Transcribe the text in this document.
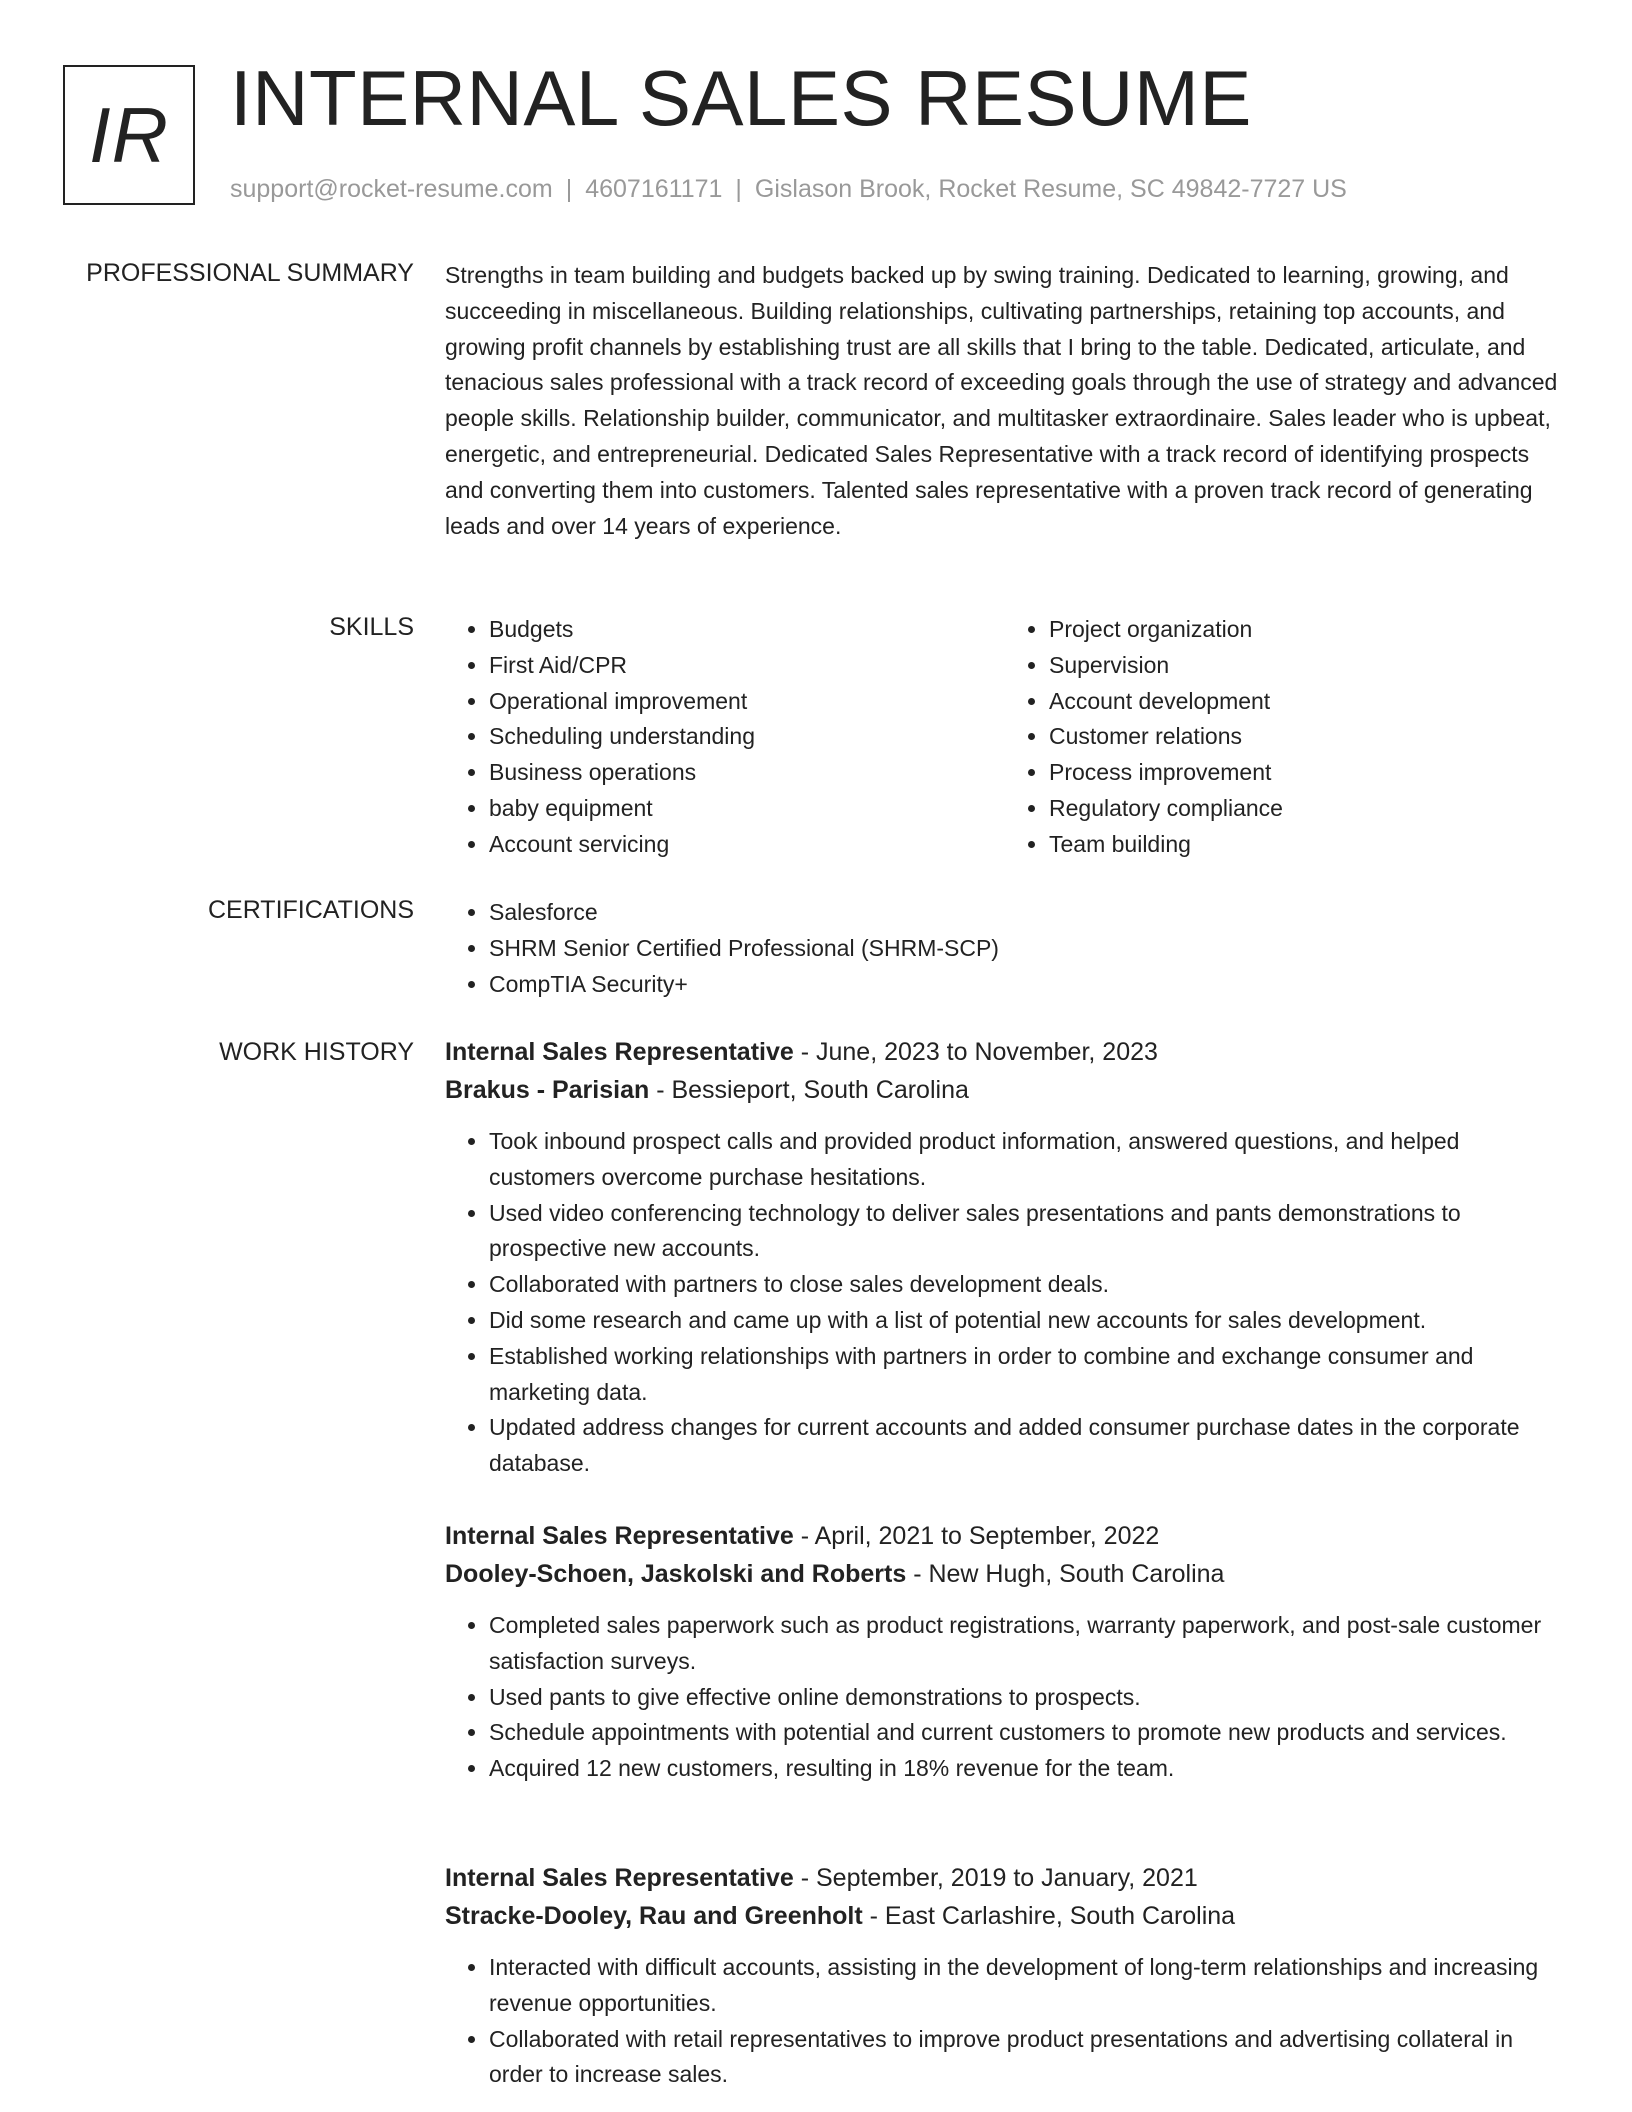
IR INTERNAL SALES RESUME
support@rocket-resume.com | 4607161171 | Gislason Brook, Rocket Resume, SC 49842-7727 US
PROFESSIONAL SUMMARY Strengths in team building and budgets backed up by swing training. Dedicated to learning, growing, and succeeding in miscellaneous. Building relationships, cultivating partnerships, retaining top accounts, and growing profit channels by establishing trust are all skills that I bring to the table. Dedicated, articulate, and tenacious sales professional with a track record of exceeding goals through the use of strategy and advanced people skills. Relationship builder, communicator, and multitasker extraordinaire. Sales leader who is upbeat, energetic, and entrepreneurial. Dedicated Sales Representative with a track record of identifying prospects and converting them into customers. Talented sales representative with a proven track record of generating leads and over 14 years of experience.

SKILLS	• Budgets
• First Aid/CPR
• Operational improvement
• Scheduling understanding
• Business operations
• baby equipment
• Account servicing
• Project organization
• Supervision
• Account development
• Customer relations
• Process improvement
• Regulatory compliance
• Team building
CERTIFICATIONS	• Salesforce
• SHRM Senior Certified Professional (SHRM-SCP)
• CompTIA Security+
WORK HISTORY Internal Sales Representative - June, 2023 to November, 2023
Brakus - Parisian - Bessieport, South Carolina
• Took inbound prospect calls and provided product information, answered questions, and helped customers overcome purchase hesitations.
• Used video conferencing technology to deliver sales presentations and pants demonstrations to prospective new accounts.
• Collaborated with partners to close sales development deals.
• Did some research and came up with a list of potential new accounts for sales development.
• Established working relationships with partners in order to combine and exchange consumer and marketing data.
• Updated address changes for current accounts and added consumer purchase dates in the corporate database.
Internal Sales Representative - April, 2021 to September, 2022
Dooley-Schoen, Jaskolski and Roberts - New Hugh, South Carolina
• Completed sales paperwork such as product registrations, warranty paperwork, and post-sale customer satisfaction surveys.
• Used pants to give effective online demonstrations to prospects.
• Schedule appointments with potential and current customers to promote new products and services.
• Acquired 12 new customers, resulting in 18% revenue for the team.
Internal Sales Representative - September, 2019 to January, 2021
Stracke-Dooley, Rau and Greenholt - East Carlashire, South Carolina
• Interacted with difficult accounts, assisting in the development of long-term relationships and increasing revenue opportunities.
• Collaborated with retail representatives to improve product presentations and advertising collateral in order to increase sales.
